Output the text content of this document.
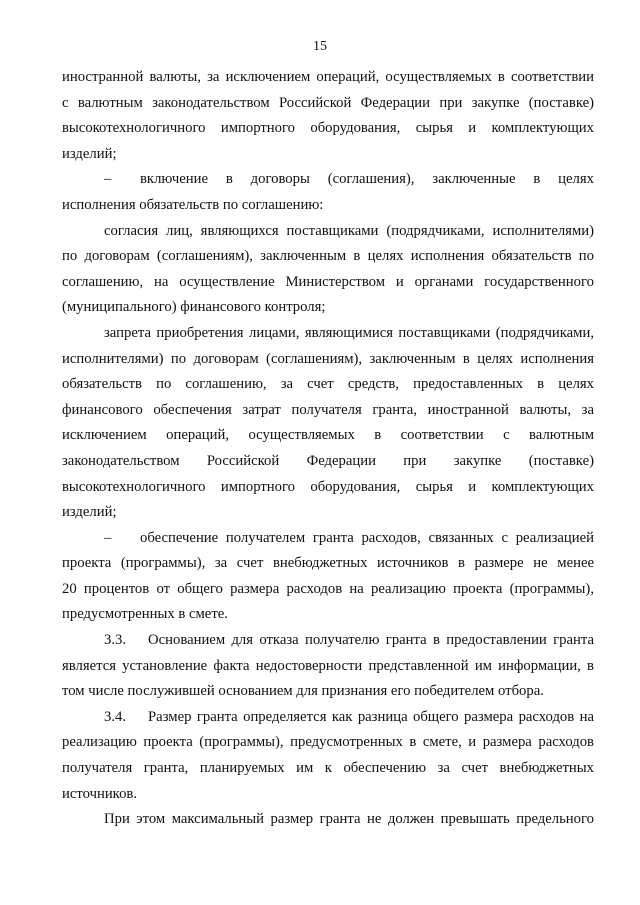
15
иностранной валюты, за исключением операций, осуществляемых в соответствии
с валютным законодательством Российской Федерации при закупке (поставке)
высокотехнологичного импортного оборудования, сырья и комплектующих
изделий;
–	включение в договоры (соглашения), заключенные в целях
исполнения обязательств по соглашению:
согласия лиц, являющихся поставщиками (подрядчиками, исполнителями)
по договорам (соглашениям), заключенным в целях исполнения обязательств по
соглашению, на осуществление Министерством и органами государственного
(муниципального) финансового контроля;
запрета приобретения лицами, являющимися поставщиками (подрядчиками,
исполнителями) по договорам (соглашениям), заключенным в целях исполнения
обязательств по соглашению, за счет средств, предоставленных в целях
финансового обеспечения затрат получателя гранта, иностранной валюты, за
исключением операций, осуществляемых в соответствии с валютным
законодательством Российской Федерации при закупке (поставке)
высокотехнологичного импортного оборудования, сырья и комплектующих
изделий;
–	обеспечение получателем гранта расходов, связанных с реализацией
проекта (программы), за счет внебюджетных источников в размере не менее
20 процентов от общего размера расходов на реализацию проекта (программы),
предусмотренных в смете.
3.3. Основанием для отказа получателю гранта в предоставлении гранта
является установление факта недостоверности представленной им информации, в
том числе послужившей основанием для признания его победителем отбора.
3.4. Размер гранта определяется как разница общего размера расходов на
реализацию проекта (программы), предусмотренных в смете, и размера расходов
получателя гранта, планируемых им к обеспечению за счет внебюджетных
источников.
При этом максимальный размер гранта не должен превышать предельного
